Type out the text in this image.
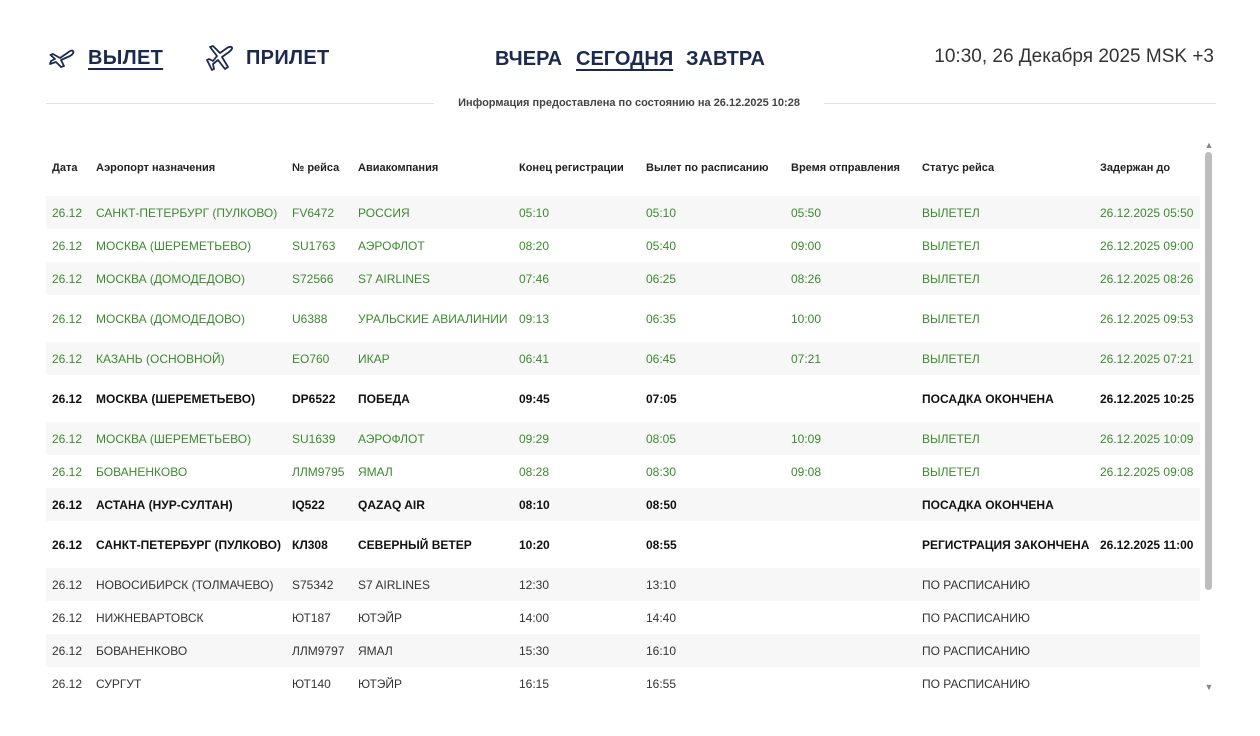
ВЫЛЕТ	ПРИЛЕТ	ВЧЕРА СЕГОДНЯ ЗАВТРА	10:30, 26 Декабря 2025 MSK +3
Информация предоставлена по состоянию на 26.12.2025 10:28
Дата	Аэропорт назначения	№ рейса	Авиакомпания	Конец регистрации	Вылет по расписанию	Время отправления	Статус рейса	Задержан до
26.12	САНКТ-ПЕТЕРБУРГ (ПУЛКОВО)	FV6472	РОССИЯ	05:10	05:10	05:50	ВЫЛЕТЕЛ	26.12.2025 05:50
26.12	МОСКВА (ШЕРЕМЕТЬЕВО)	SU1763	АЭРОФЛОТ	08:20	05:40	09:00	ВЫЛЕТЕЛ	26.12.2025 09:00
26.12	МОСКВА (ДОМОДЕДОВО)	S72566	S7 AIRLINES	07:46	06:25	08:26	ВЫЛЕТЕЛ	26.12.2025 08:26
26.12	МОСКВА (ДОМОДЕДОВО)	U6388	УРАЛЬСКИЕ АВИАЛИНИИ	09:13	06:35	10:00	ВЫЛЕТЕЛ	26.12.2025 09:53
26.12	КАЗАНЬ (ОСНОВНОЙ)	EO760	ИКАР	06:41	06:45	07:21	ВЫЛЕТЕЛ	26.12.2025 07:21
26.12	МОСКВА (ШЕРЕМЕТЬЕВО)	DP6522	ПОБЕДА	09:45	07:05		ПОСАДКА ОКОНЧЕНА	26.12.2025 10:25
26.12	МОСКВА (ШЕРЕМЕТЬЕВО)	SU1639	АЭРОФЛОТ	09:29	08:05	10:09	ВЫЛЕТЕЛ	26.12.2025 10:09
26.12	БОВАНЕНКОВО	ЛЛМ9795	ЯМАЛ	08:28	08:30	09:08	ВЫЛЕТЕЛ	26.12.2025 09:08
26.12	АСТАНА (НУР-СУЛТАН)	IQ522	QAZAQ AIR	08:10	08:50		ПОСАДКА ОКОНЧЕНА	
26.12	САНКТ-ПЕТЕРБУРГ (ПУЛКОВО)	КЛ308	СЕВЕРНЫЙ ВЕТЕР	10:20	08:55		РЕГИСТРАЦИЯ ЗАКОНЧЕНА	26.12.2025 11:00
26.12	НОВОСИБИРСК (ТОЛМАЧЕВО)	S75342	S7 AIRLINES	12:30	13:10		ПО РАСПИСАНИЮ	
26.12	НИЖНЕВАРТОВСК	ЮТ187	ЮТЭЙР	14:00	14:40		ПО РАСПИСАНИЮ	
26.12	БОВАНЕНКОВО	ЛЛМ9797	ЯМАЛ	15:30	16:10		ПО РАСПИСАНИЮ	
26.12	СУРГУТ	ЮТ140	ЮТЭЙР	16:15	16:55		ПО РАСПИСАНИЮ	
▲
▼
